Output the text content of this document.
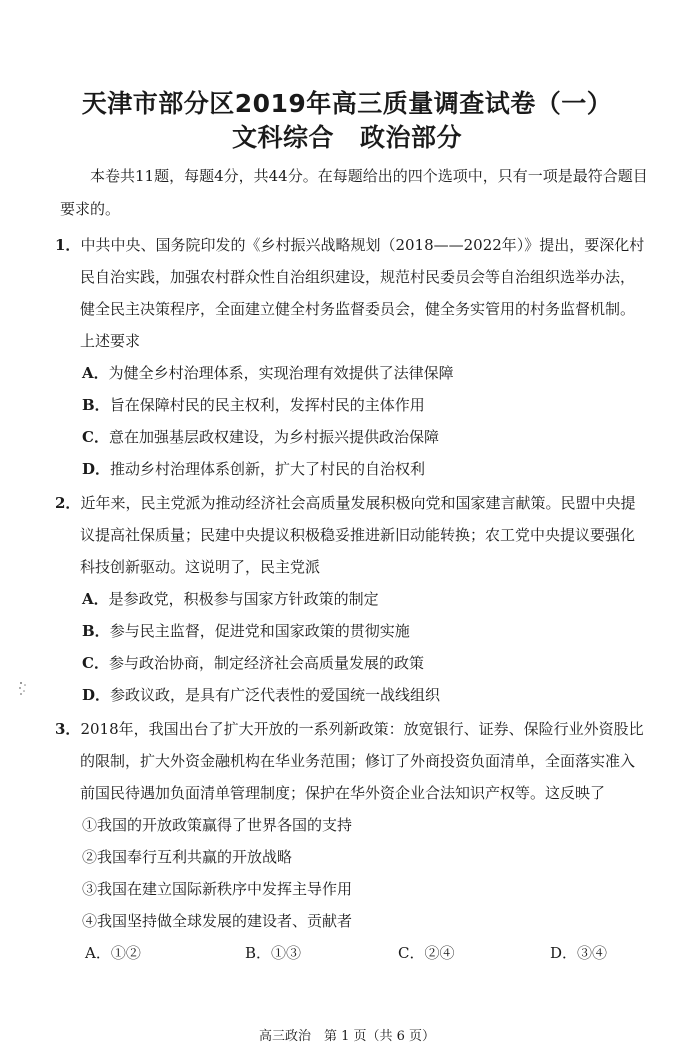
天津市部分区2019年高三质量调查试卷（一）
文科综合 政治部分
本卷共11题，每题4分，共44分。在每题给出的四个选项中，只有一项是最符合题目要求的。

1．中共中央、国务院印发的《乡村振兴战略规划（2018——2022年）》提出，要深化村

民自治实践，加强农村群众性自治组织建设，规范村民委员会等自治组织选举办法，
健全民主决策程序，全面建立健全村务监督委员会，健全务实管用的村务监督机制。
上述要求
A．为健全乡村治理体系，实现治理有效提供了法律保障
B．旨在保障村民的民主权利，发挥村民的主体作用
C．意在加强基层政权建设，为乡村振兴提供政治保障
D．推动乡村治理体系创新，扩大了村民的自治权利

2．近年来，民主党派为推动经济社会高质量发展积极向党和国家建言献策。民盟中央提

议提高社保质量；民建中央提议积极稳妥推进新旧动能转换；农工党中央提议要强化
科技创新驱动。这说明了，民主党派
A．是参政党，积极参与国家方针政策的制定
B．参与民主监督，促进党和国家政策的贯彻实施
C．参与政治协商，制定经济社会高质量发展的政策
D．参政议政，是具有广泛代表性的爱国统一战线组织

3．2018年，我国出台了扩大开放的一系列新政策：放宽银行、证券、保险行业外资股比

的限制，扩大外资金融机构在华业务范围；修订了外商投资负面清单，全面落实准入
前国民待遇加负面清单管理制度；保护在华外资企业合法知识产权等。这反映了
①我国的开放政策赢得了世界各国的支持
②我国奉行互利共赢的开放战略
③我国在建立国际新秩序中发挥主导作用
④我国坚持做全球发展的建设者、贡献者
A．①②	B．①③	C．②④	D．③④
高三政治　第 1 页（共 6 页）
